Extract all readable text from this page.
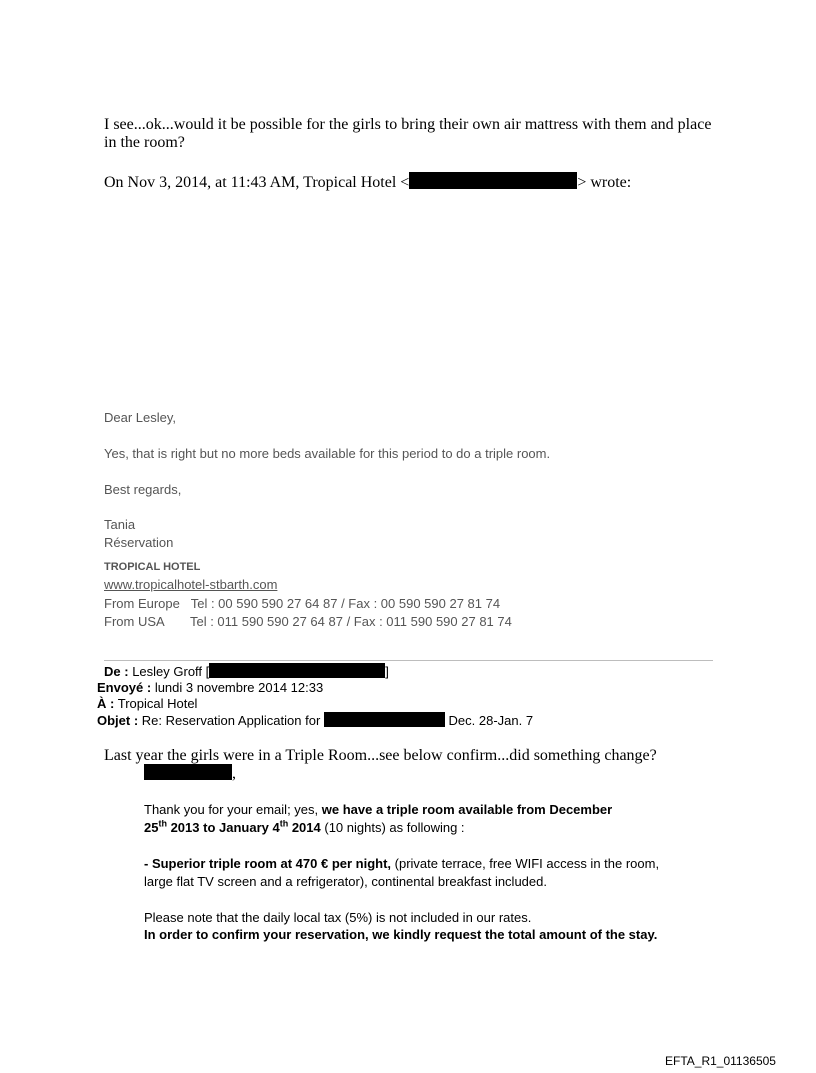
I see...ok...would it be possible for the girls to bring their own air mattress with them and place
in the room?
On Nov 3, 2014, at 11:43 AM, Tropical Hotel <	> wrote:
Dear Lesley,
Yes, that is right but no more beds available for this period to do a triple room.
Best regards,
Tania
Réservation
TROPICAL HOTEL
www.tropicalhotel-stbarth.com
From Europe Tel : 00 590 590 27 64 87 / Fax : 00 590 590 27 81 74
From USA Tel : 011 590 590 27 64 87 / Fax : 011 590 590 27 81 74
De : Lesley Groff [	]
Envoyé : lundi 3 novembre 2014 12:33
À : Tropical Hotel
Objet : Re: Reservation Application for	Dec. 28-Jan. 7
Last year the girls were in a Triple Room...see below confirm...did something change?
,
Thank you for your email; yes, we have a triple room available from December
25th 2013 to January 4th 2014 (10 nights) as following :
- Superior triple room at 470 € per night, (private terrace, free WIFI access in the room,
large flat TV screen and a refrigerator), continental breakfast included.
Please note that the daily local tax (5%) is not included in our rates.
In order to confirm your reservation, we kindly request the total amount of the stay.
EFTA_R1_01136505
